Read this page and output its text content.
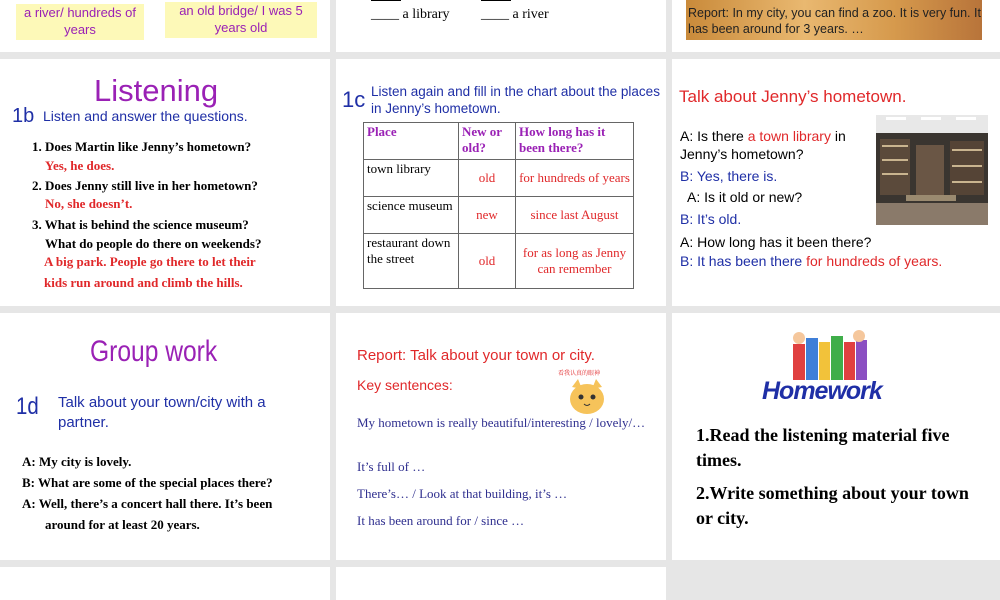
a river/ hundreds of years
an old bridge/ I was 5 years old
____ a library ____ a river	Report: In my city, you can find a zoo. It is very fun. It has been around for 3 years. …
Listening
1b Listen and answer the questions.
1. Does Martin like Jenny’s hometown?
Yes, he does.
2. Does Jenny still live in her hometown?
No, she doesn’t.
3. What is behind the science museum?
What do people do there on weekends?
A big park. People go there to let their
kids run around and climb the hills.
1c Listen again and fill in the chart about the places in Jenny’s hometown.
Place	New or old?	How long has it been there?
town library	old	for hundreds of years
science museum	new	since last August
restaurant down the street	old	for as long as Jenny can remember
Talk about Jenny’s hometown.
A: Is there a town library in Jenny’s hometown?
B: Yes, there is.
A: Is it old or new?
B: It’s old.
A: How long has it been there?
B: It has been there for hundreds of years.
Group work
1d Talk about your town/city with a partner.
A: My city is lovely.
B: What are some of the special places there?
A: Well, there’s a concert hall there. It’s been
around for at least 20 years.
Report: Talk about your town or city.
Key sentences:
看我认真的眼神
My hometown is really beautiful/interesting / lovely/…
It’s full of …
There’s… / Look at that building, it’s …
It has been around for / since …
Homework
1.Read the listening material five times.
2.Write something about your town or city.
